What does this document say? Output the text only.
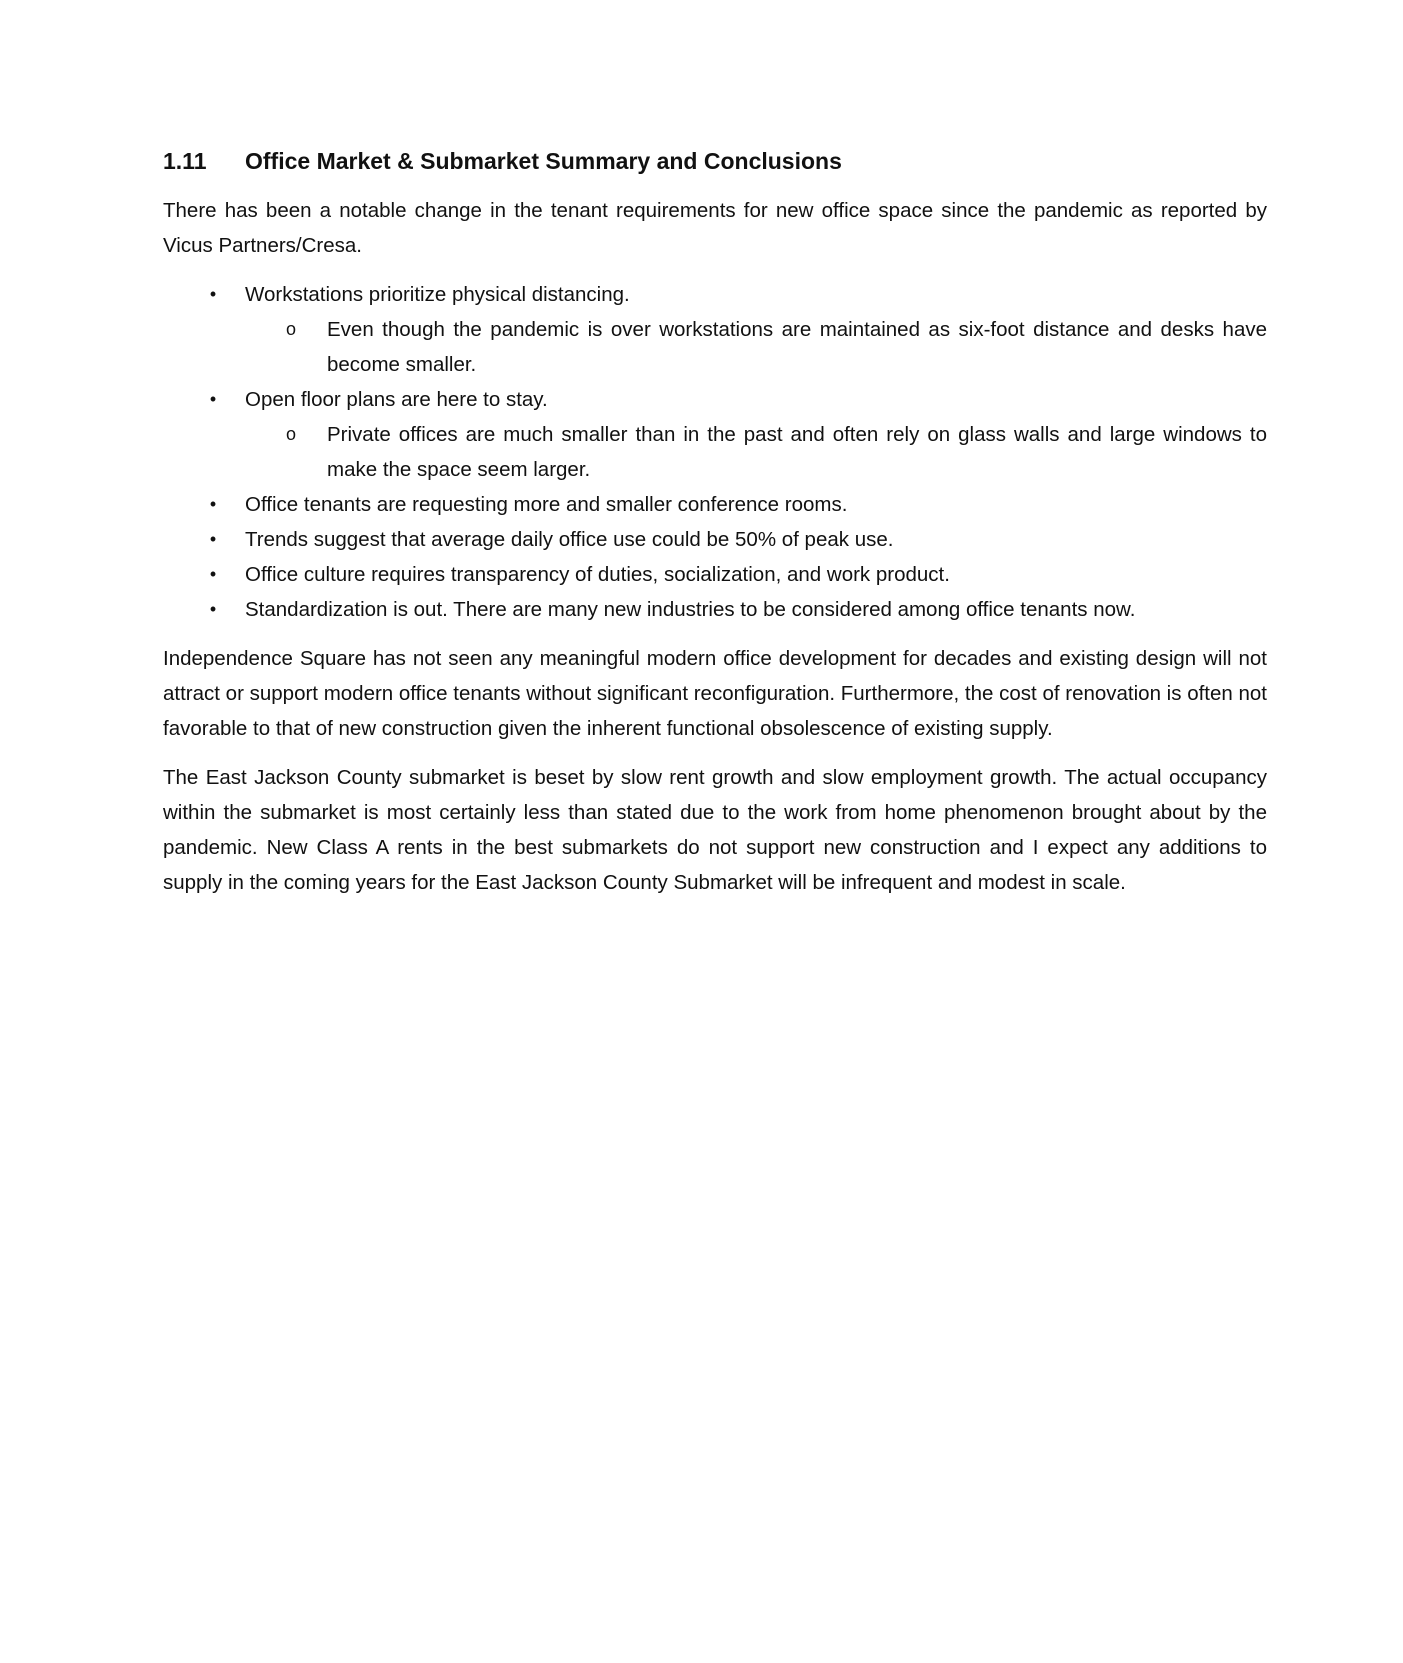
1.11	Office Market & Submarket Summary and Conclusions

There has been a notable change in the tenant requirements for new office space since the pandemic as reported by Vicus Partners/Cresa.

•	Workstations prioritize physical distancing.
o Even though the pandemic is over workstations are maintained as six-foot distance and desks have become smaller.
•	Open floor plans are here to stay.
o Private offices are much smaller than in the past and often rely on glass walls and large windows to make the space seem larger.
•	Office tenants are requesting more and smaller conference rooms.
•	Trends suggest that average daily office use could be 50% of peak use.
•	Office culture requires transparency of duties, socialization, and work product.
•	Standardization is out. There are many new industries to be considered among office tenants now.

Independence Square has not seen any meaningful modern office development for decades and existing design will not attract or support modern office tenants without significant reconfiguration. Furthermore, the cost of renovation is often not favorable to that of new construction given the inherent functional obsolescence of existing supply.

The East Jackson County submarket is beset by slow rent growth and slow employment growth. The actual occupancy within the submarket is most certainly less than stated due to the work from home phenomenon brought about by the pandemic. New Class A rents in the best submarkets do not support new construction and I expect any additions to supply in the coming years for the East Jackson County Submarket will be infrequent and modest in scale.
